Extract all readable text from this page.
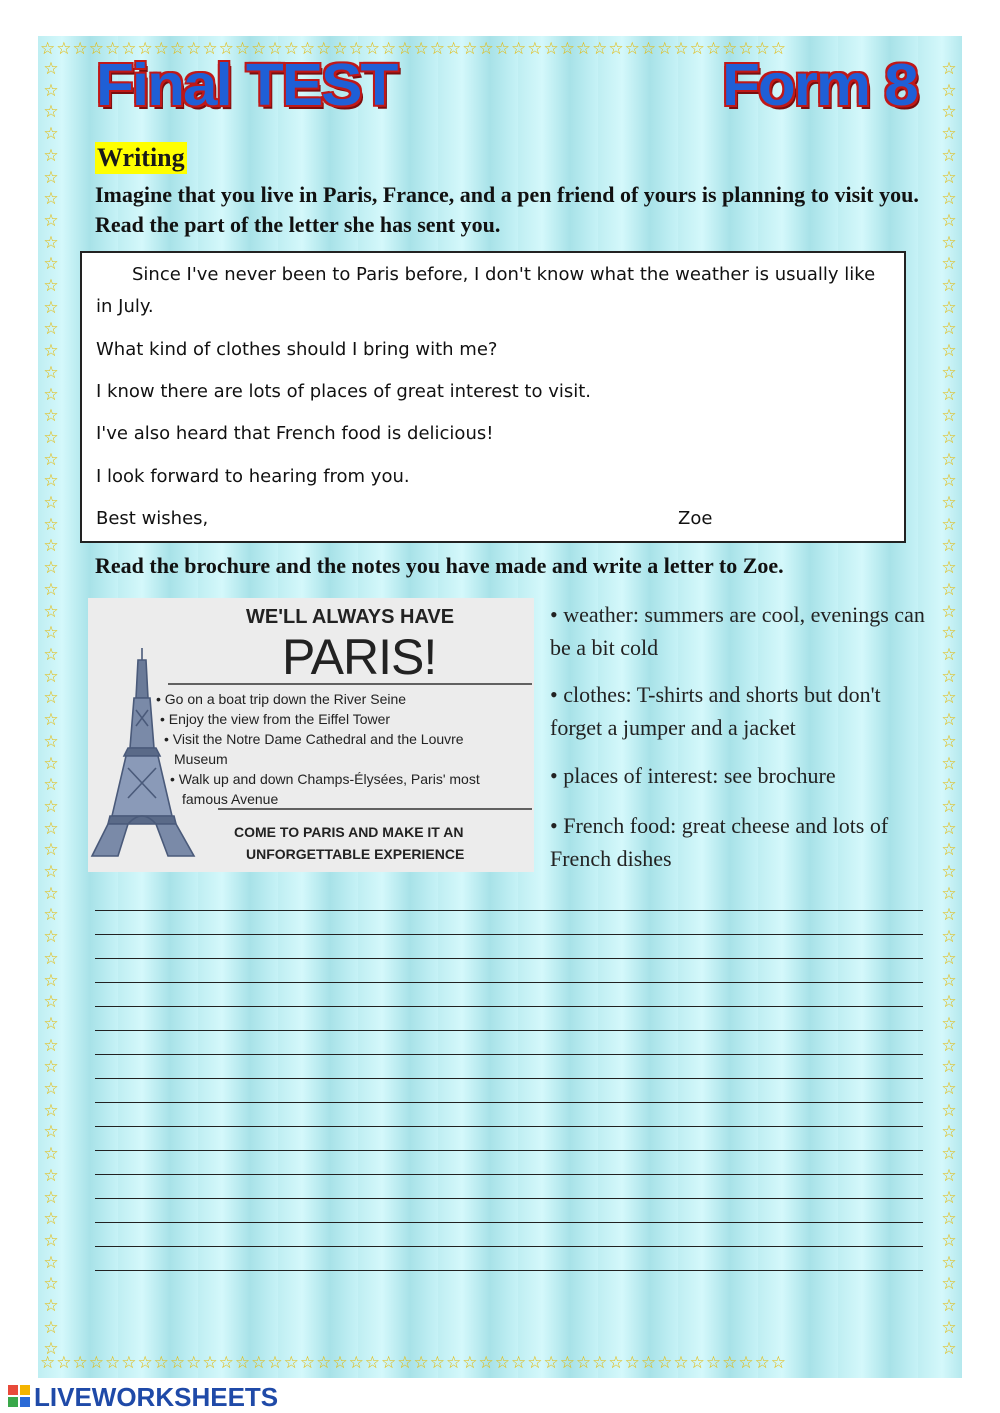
☆☆☆☆☆☆☆☆☆☆☆☆☆☆☆☆☆☆☆☆☆☆☆☆☆☆☆☆☆☆☆☆☆☆☆☆☆☆☆☆☆☆☆☆☆☆
☆☆☆☆☆☆☆☆☆☆☆☆☆☆☆☆☆☆☆☆☆☆☆☆☆☆☆☆☆☆☆☆☆☆☆☆☆☆☆☆☆☆☆☆☆☆
☆
☆
☆
☆
☆
☆
☆
☆
☆
☆
☆
☆
☆
☆
☆
☆
☆
☆
☆
☆
☆
☆
☆
☆
☆
☆
☆
☆
☆
☆
☆
☆
☆
☆
☆
☆
☆
☆
☆
☆
☆
☆
☆
☆
☆
☆
☆
☆
☆
☆
☆
☆
☆
☆
☆
☆
☆
☆
☆
☆

☆
☆
☆
☆
☆
☆
☆
☆
☆
☆
☆
☆
☆
☆
☆
☆
☆
☆
☆
☆
☆
☆
☆
☆
☆
☆
☆
☆
☆
☆
☆
☆
☆
☆
☆
☆
☆
☆
☆
☆
☆
☆
☆
☆
☆
☆
☆
☆
☆
☆
☆
☆
☆
☆
☆
☆
☆
☆
☆
☆

Final TEST	Form 8
Writing
Imagine that you live in Paris, France, and a pen friend of yours is planning to visit you. Read the part of the letter she has sent you.

Since I've never been to Paris before, I don't know what the weather is usually like in July.

What kind of clothes should I bring with me?

I know there are lots of places of great interest to visit.

I've also heard that French food is delicious!

I look forward to hearing from you.

Best wishes,	Zoe

Read the brochure and the notes you have made and write a letter to Zoe.
WE'LL ALWAYS HAVE
PARIS!
• Go on a boat trip down the River Seine
• Enjoy the view from the Eiffel Tower
• Visit the Notre Dame Cathedral and the Louvre
Museum
• Walk up and down Champs-Élysées, Paris' most
famous Avenue
COME TO PARIS AND MAKE IT AN
UNFORGETTABLE EXPERIENCE
• weather: summers are cool, evenings can be a bit cold
• clothes: T-shirts and shorts but don't forget a jumper and a jacket
• places of interest: see brochure
• French food: great cheese and lots of French dishes
LIVEWORKSHEETS
